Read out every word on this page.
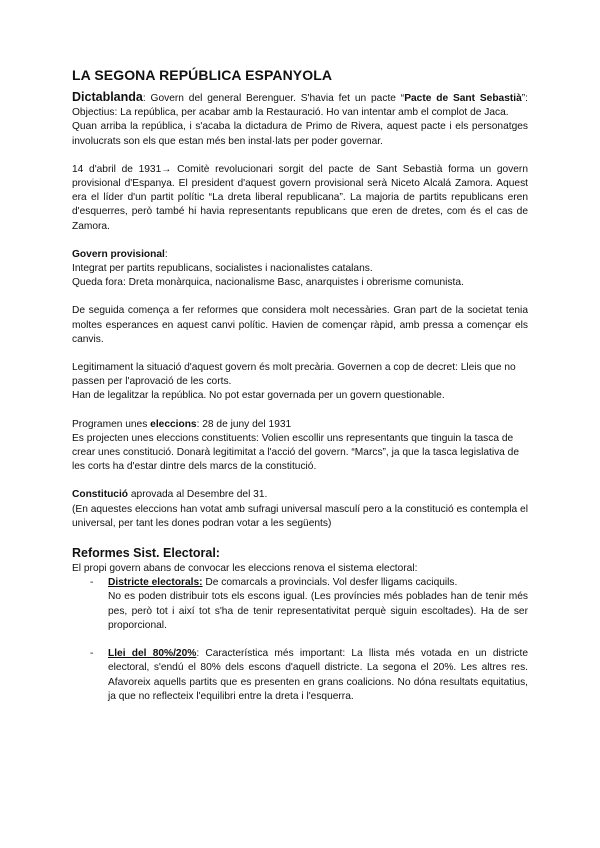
LA SEGONA REPÚBLICA ESPANYOLA

Dictablanda: Govern del general Berenguer. S'havia fet un pacte “Pacte de Sant Sebastià”: Objectius: La república, per acabar amb la Restauració. Ho van intentar amb el complot de Jaca.

Quan arriba la república, i s'acaba la dictadura de Primo de Rivera, aquest pacte i els personatges involucrats son els que estan més ben instal·lats per poder governar.

14 d'abril de 1931→ Comitè revolucionari sorgit del pacte de Sant Sebastià forma un govern provisional d'Espanya. El president d'aquest govern provisional serà Niceto Alcalá Zamora. Aquest era el líder d'un partit polític “La dreta liberal republicana”. La majoria de partits republicans eren d'esquerres, però també hi havia representants republicans que eren de dretes, com és el cas de Zamora.

Govern provisional:

Integrat per partits republicans, socialistes i nacionalistes catalans.

Queda fora: Dreta monàrquica, nacionalisme Basc, anarquistes i obrerisme comunista.

De seguida comença a fer reformes que considera molt necessàries. Gran part de la societat tenia moltes esperances en aquest canvi polític. Havien de començar ràpid, amb pressa a començar els canvis.

Legitimament la situació d'aquest govern és molt precària. Governen a cop de decret: Lleis que no passen per l'aprovació de les corts.

Han de legalitzar la república. No pot estar governada per un govern questionable.

Programen unes eleccions: 28 de juny del 1931

Es projecten unes eleccions constituents: Volien escollir uns representants que tinguin la tasca de crear unes constitució. Donarà legitimitat a l'acció del govern. “Marcs”, ja que la tasca legislativa de les corts ha d'estar dintre dels marcs de la constitució.

Constitució aprovada al Desembre del 31.

(En aquestes eleccions han votat amb sufragi universal masculí pero a la constitució es contempla el universal, per tant les dones podran votar a les següents)

Reformes Sist. Electoral:

El propi govern abans de convocar les eleccions renova el sistema electoral:

- Districte electorals: De comarcals a provincials. Vol desfer lligams caciquils.
No es poden distribuir tots els escons igual. (Les províncies més poblades han de tenir més pes, però tot i així tot s'ha de tenir representativitat perquè siguin escoltades). Ha de ser proporcional.
- Llei del 80%/20%: Característica més important: La llista més votada en un districte electoral, s'endú el 80% dels escons d'aquell districte. La segona el 20%. Les altres res. Afavoreix aquells partits que es presenten en grans coalicions. No dóna resultats equitatius, ja que no reflecteix l'equilibri entre la dreta i l'esquerra.
